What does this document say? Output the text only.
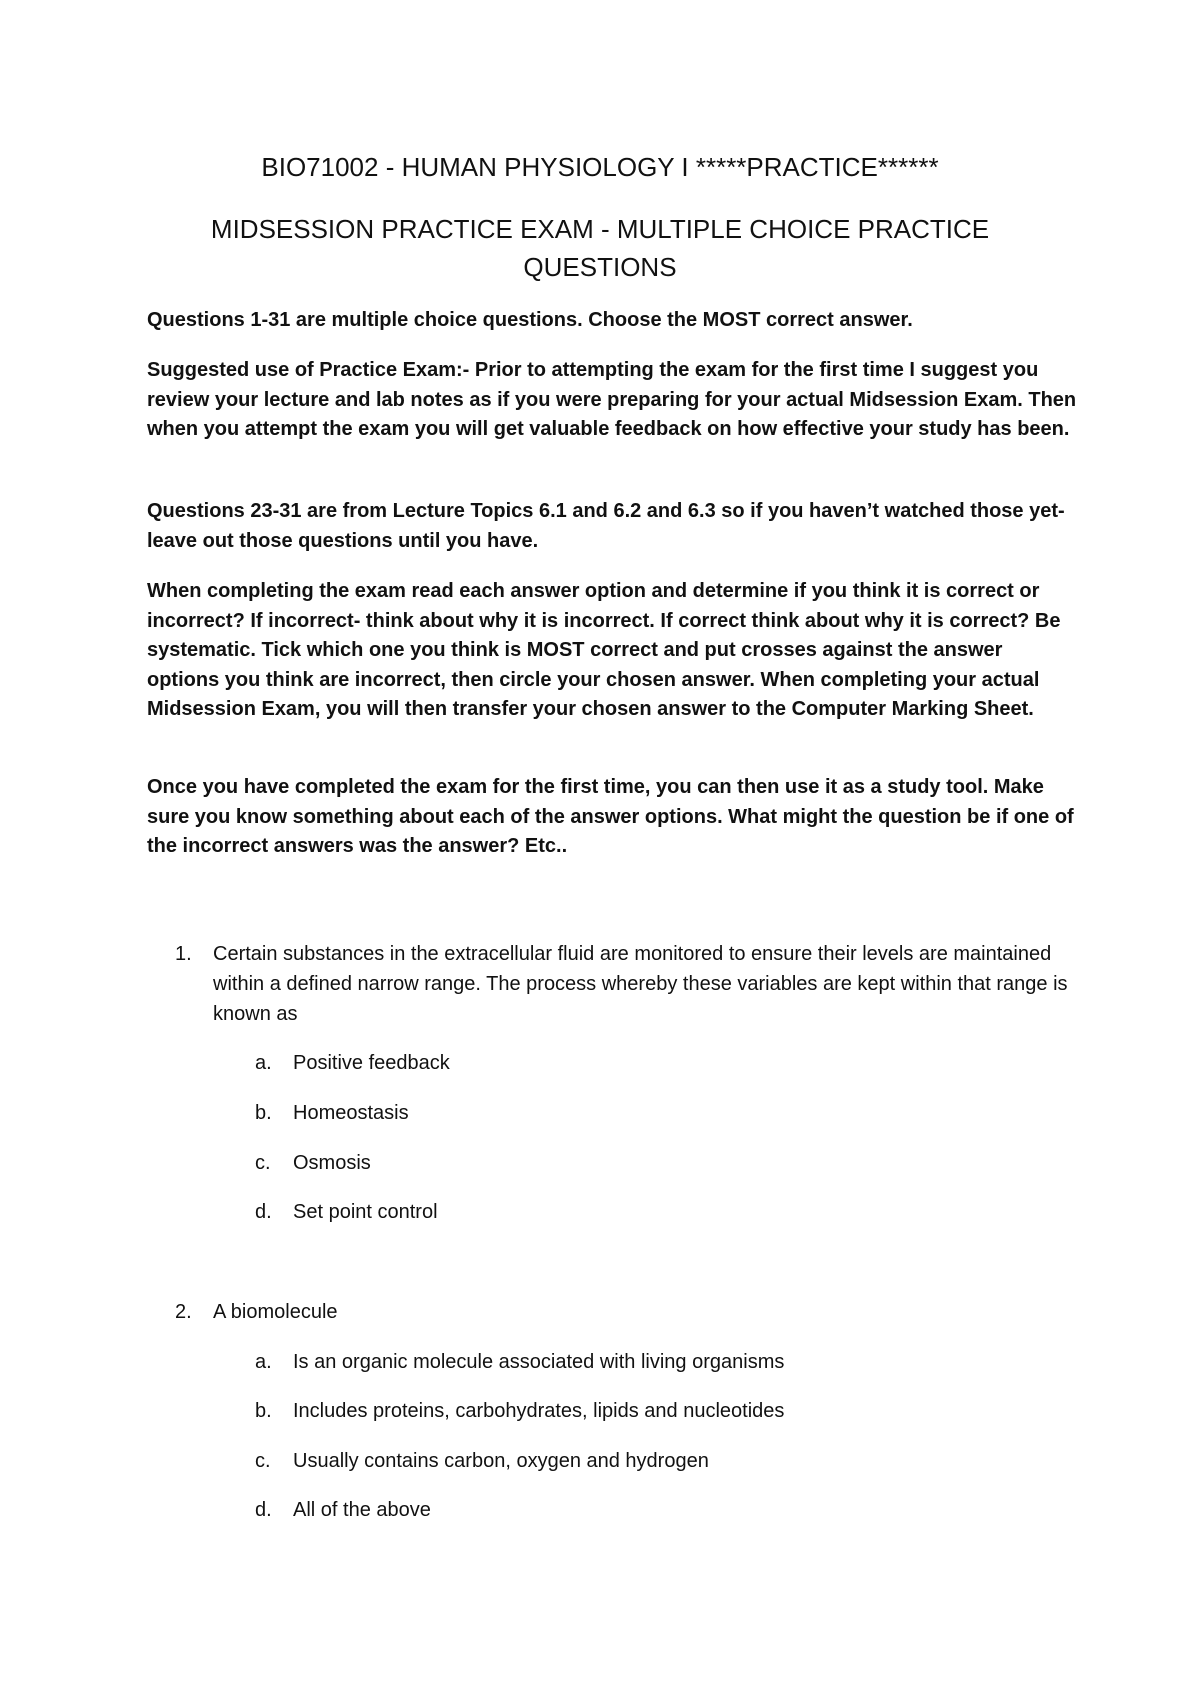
BIO71002 - HUMAN PHYSIOLOGY I *****PRACTICE******
MIDSESSION PRACTICE EXAM - MULTIPLE CHOICE PRACTICE
QUESTIONS

Questions 1-31 are multiple choice questions. Choose the MOST correct answer.

Suggested use of Practice Exam:- Prior to attempting the exam for the first time I suggest you review your lecture and lab notes as if you were preparing for your actual Midsession Exam. Then when you attempt the exam you will get valuable feedback on how effective your study has been.

Questions 23-31 are from Lecture Topics 6.1 and 6.2 and 6.3 so if you haven’t watched those yet- leave out those questions until you have.

When completing the exam read each answer option and determine if you think it is correct or incorrect? If incorrect- think about why it is incorrect. If correct think about why it is correct? Be systematic. Tick which one you think is MOST correct and put crosses against the answer options you think are incorrect, then circle your chosen answer. When completing your actual Midsession Exam, you will then transfer your chosen answer to the Computer Marking Sheet.

Once you have completed the exam for the first time, you can then use it as a study tool. Make sure you know something about each of the answer options. What might the question be if one of the incorrect answers was the answer? Etc..

1. Certain substances in the extracellular fluid are monitored to ensure their levels are maintained within a defined narrow range. The process whereby these variables are kept within that range is known as

a. Positive feedback
b. Homeostasis
c. Osmosis
d. Set point control
2. A biomolecule

a. Is an organic molecule associated with living organisms
b. Includes proteins, carbohydrates, lipids and nucleotides
c. Usually contains carbon, oxygen and hydrogen
d. All of the above
